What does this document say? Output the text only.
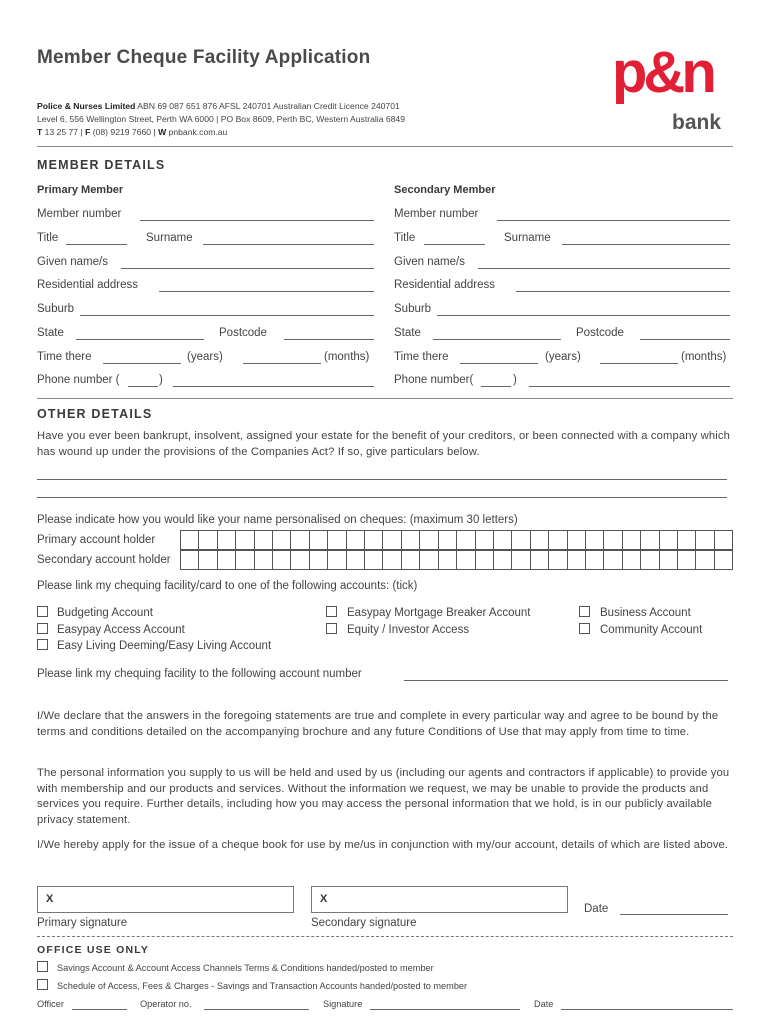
Member Cheque Facility Application
Police & Nurses Limited ABN 69 087 651 876 AFSL 240701 Australian Credit Licence 240701
Level 6, 556 Wellington Street, Perth WA 6000 | PO Box 8609, Perth BC, Western Australia 6849
T 13 25 77 | F (08) 9219 7660 | W pnbank.com.au
p&n
bank
MEMBER DETAILS
Primary Member	Secondary Member
Member number
Title	Surname
Given name/s
Residential address
Suburb
State	Postcode
Time there	(years)	(months)
Phone number (	)
Member number
Title	Surname
Given name/s
Residential address
Suburb
State	Postcode
Time there	(years)	(months)
Phone number(	)
OTHER DETAILS
Have you ever been bankrupt, insolvent, assigned your estate for the benefit of your creditors, or been connected with a company which has wound up under the provisions of the Companies Act? If so, give particulars below.
Please indicate how you would like your name personalised on cheques: (maximum 30 letters)
Primary account holder
Secondary account holder
Please link my chequing facility/card to one of the following accounts: (tick)
Budgeting Account
Easypay Access Account
Easy Living Deeming/Easy Living Account
Easypay Mortgage Breaker Account
Equity / Investor Access
Business Account
Community Account
Please link my chequing facility to the following account number
I/We declare that the answers in the foregoing statements are true and complete in every particular way and agree to be bound by the terms and conditions detailed on the accompanying brochure and any future Conditions of Use that may apply from time to time.
The personal information you supply to us will be held and used by us (including our agents and contractors if applicable) to provide you with membership and our products and services. Without the information we request, we may be unable to provide the products and services you require. Further details, including how you may access the personal information that we hold, is in our publicly available privacy statement.
I/We hereby apply for the issue of a cheque book for use by me/us in conjunction with my/our account, details of which are listed above.
X
Primary signature
X
Secondary signature
Date
OFFICE USE ONLY
Savings Account & Account Access Channels Terms & Conditions handed/posted to member
Schedule of Access, Fees & Charges - Savings and Transaction Accounts handed/posted to member
Officer	Operator no.	Signature	Date
